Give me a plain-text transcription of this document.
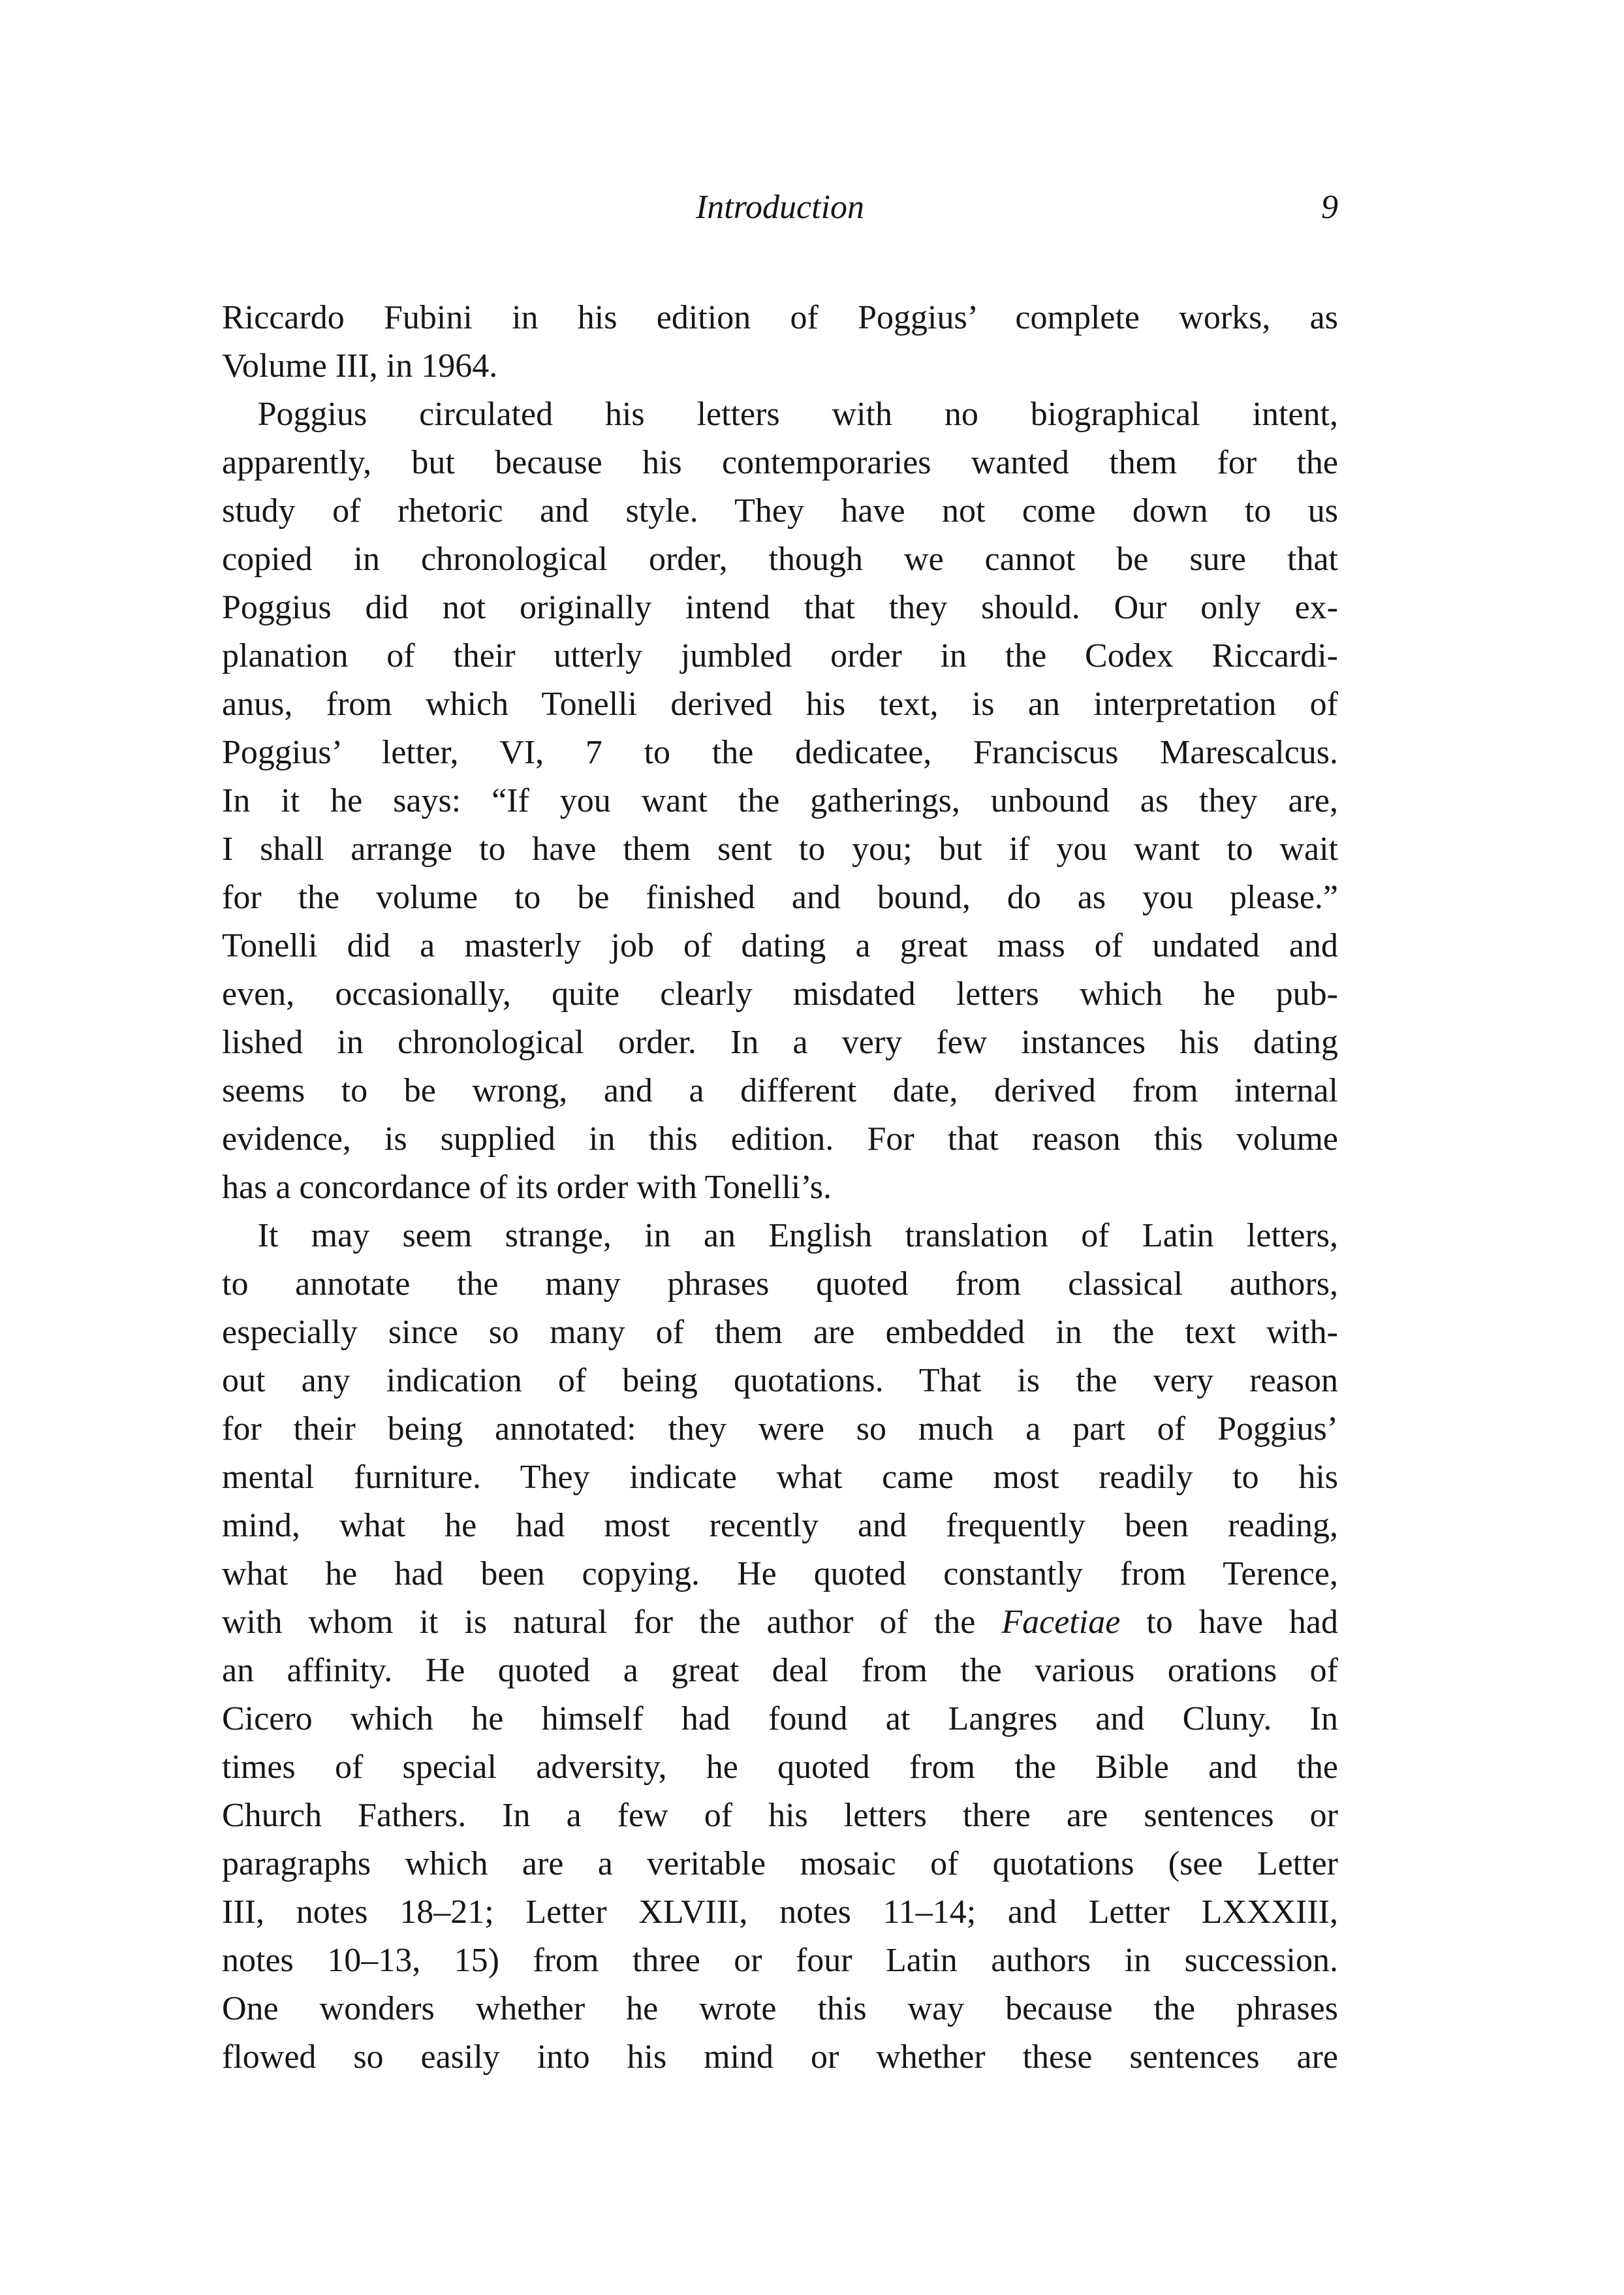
Introduction	9
Riccardo Fubini in his edition of Poggius’ complete works, as
Volume III, in 1964.
Poggius circulated his letters with no biographical intent,
apparently, but because his contemporaries wanted them for the
study of rhetoric and style. They have not come down to us
copied in chronological order, though we cannot be sure that
Poggius did not originally intend that they should. Our only ex-
planation of their utterly jumbled order in the Codex Riccardi-
anus, from which Tonelli derived his text, is an interpretation of
Poggius’ letter, VI, 7 to the dedicatee, Franciscus Marescalcus.
In it he says: “If you want the gatherings, unbound as they are,
I shall arrange to have them sent to you; but if you want to wait
for the volume to be finished and bound, do as you please.”
Tonelli did a masterly job of dating a great mass of undated and
even, occasionally, quite clearly misdated letters which he pub-
lished in chronological order. In a very few instances his dating
seems to be wrong, and a different date, derived from internal
evidence, is supplied in this edition. For that reason this volume
has a concordance of its order with Tonelli’s.
It may seem strange, in an English translation of Latin letters,
to annotate the many phrases quoted from classical authors,
especially since so many of them are embedded in the text with-
out any indication of being quotations. That is the very reason
for their being annotated: they were so much a part of Poggius’
mental furniture. They indicate what came most readily to his
mind, what he had most recently and frequently been reading,
what he had been copying. He quoted constantly from Terence,
with whom it is natural for the author of the Facetiae to have had
an affinity. He quoted a great deal from the various orations of
Cicero which he himself had found at Langres and Cluny. In
times of special adversity, he quoted from the Bible and the
Church Fathers. In a few of his letters there are sentences or
paragraphs which are a veritable mosaic of quotations (see Letter
III, notes 18–21; Letter XLVIII, notes 11–14; and Letter LXXXIII,
notes 10–13, 15) from three or four Latin authors in succession.
One wonders whether he wrote this way because the phrases
flowed so easily into his mind or whether these sentences are
